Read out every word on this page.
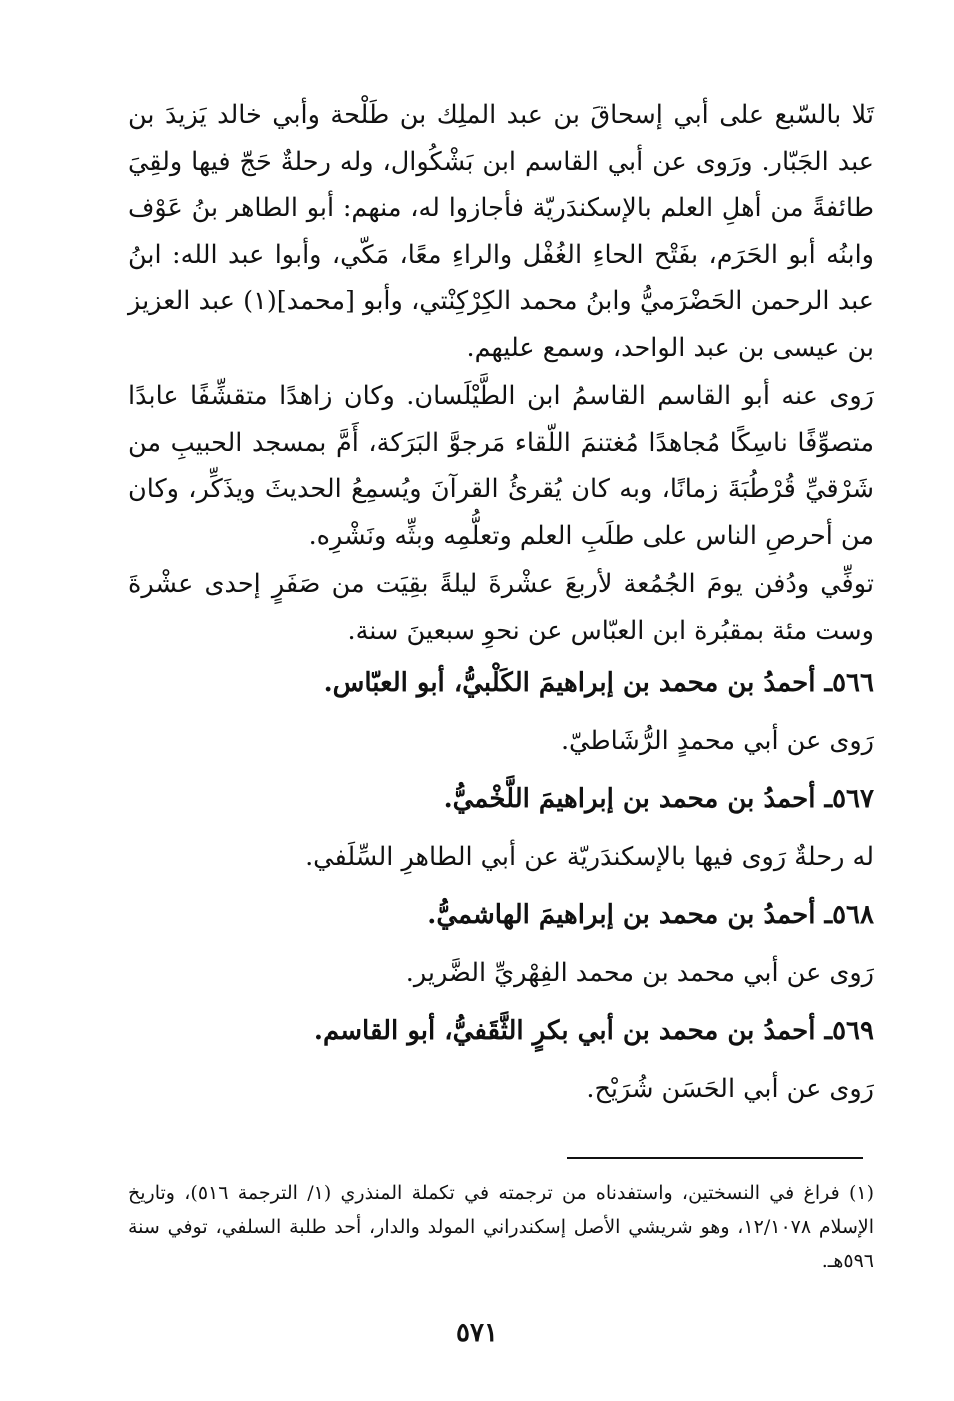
تَلا بالسّبع على أبي إسحاقَ بن عبد الملِك بن طَلْحة وأبي خالد يَزيدَ بن عبد الجَبّار. ورَوى عن أبي القاسم ابن بَشْكُوال، وله رحلةٌ حَجّ فيها ولقِيَ طائفةً من أهلِ العلم بالإسكندَريّة فأجازوا له، منهم: أبو الطاهر بنُ عَوْف وابنُه أبو الحَرَم، بفَتْح الحاءِ الغُفْل والراءِ معًا، مَكّي، وأبوا عبد الله: ابنُ عبد الرحمن الحَضْرَميُّ وابنُ محمد الكِرْكِنْتي، وأبو [محمد](١) عبد العزيز بن عيسى بن عبد الواحد، وسمع عليهم.

رَوى عنه أبو القاسم القاسمُ ابن الطَّيْلَسان. وكان زاهدًا متقشِّفًا عابدًا متصوِّفًا ناسِكًا مُجاهدًا مُغتنمَ اللّقاء مَرجوَّ البَرَكة، أَمَّ بمسجد الحبيبِ من شَرْقيِّ قُرْطُبَةَ زمانًا، وبه كان يُقرئُ القرآنَ ويُسمِعُ الحديثَ ويذَكِّر، وكان من أحرصِ الناس على طلَبِ العلم وتعلُّمِه وبثِّه ونَشْرِه.

توفِّي ودُفن يومَ الجُمُعة لأربعَ عشْرةَ ليلةً بقِيَت من صَفَرٍ إحدى عشْرةَ وست مئة بمقبُرة ابن العبّاس عن نحوِ سبعينَ سنة.

٥٦٦ـ أحمدُ بن محمد بن إبراهيمَ الكَلْبيُّ، أبو العبّاس.

رَوى عن أبي محمدٍ الرُّشَاطيّ.

٥٦٧ـ أحمدُ بن محمد بن إبراهيمَ اللَّخْميُّ.

له رحلةٌ رَوى فيها بالإسكندَريّة عن أبي الطاهرِ السِّلَفي.

٥٦٨ـ أحمدُ بن محمد بن إبراهيمَ الهاشميُّ.

رَوى عن أبي محمد بن محمد الفِهْريِّ الضَّرير.

٥٦٩ـ أحمدُ بن محمد بن أبي بكرٍ الثَّقَفيُّ، أبو القاسم.

رَوى عن أبي الحَسَن شُرَيْح.

(١) فراغ في النسختين، واستفدناه من ترجمته في تكملة المنذري (١/ الترجمة ٥١٦)، وتاريخ الإسلام ١٢/١٠٧٨، وهو شريشي الأصل إسكندراني المولد والدار، أحد طلبة السلفي، توفي سنة ٥٩٦هـ.

٥٧١
